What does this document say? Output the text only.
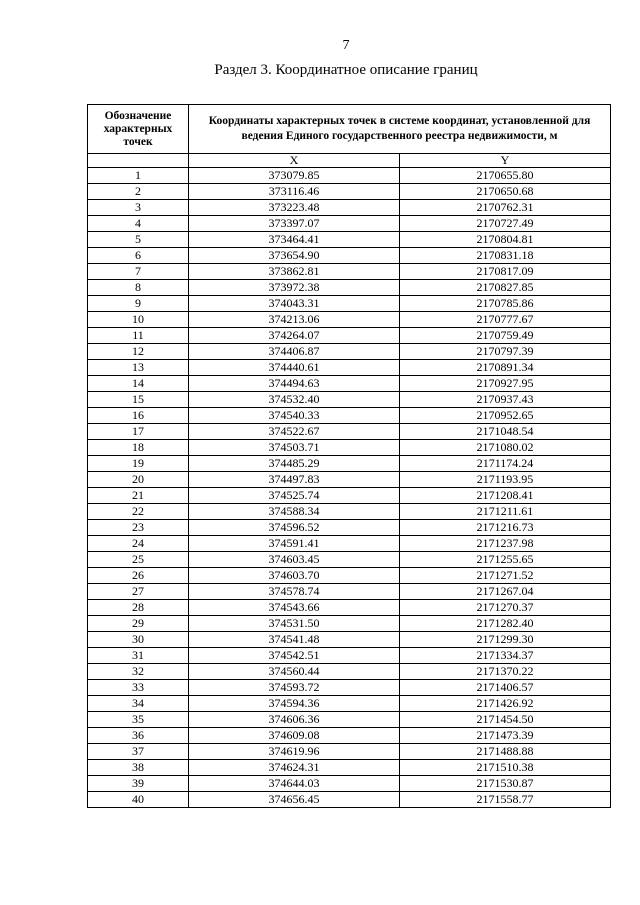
7
Раздел 3. Координатное описание границ
Обозначение характерных точек	Координаты характерных точек в системе координат, установленной для ведения Единого государственного реестра недвижимости, м	

	X	Y
1	373079.85	2170655.80
2	373116.46	2170650.68
3	373223.48	2170762.31
4	373397.07	2170727.49
5	373464.41	2170804.81
6	373654.90	2170831.18
7	373862.81	2170817.09
8	373972.38	2170827.85
9	374043.31	2170785.86
10	374213.06	2170777.67
11	374264.07	2170759.49
12	374406.87	2170797.39
13	374440.61	2170891.34
14	374494.63	2170927.95
15	374532.40	2170937.43
16	374540.33	2170952.65
17	374522.67	2171048.54
18	374503.71	2171080.02
19	374485.29	2171174.24
20	374497.83	2171193.95
21	374525.74	2171208.41
22	374588.34	2171211.61
23	374596.52	2171216.73
24	374591.41	2171237.98
25	374603.45	2171255.65
26	374603.70	2171271.52
27	374578.74	2171267.04
28	374543.66	2171270.37
29	374531.50	2171282.40
30	374541.48	2171299.30
31	374542.51	2171334.37
32	374560.44	2171370.22
33	374593.72	2171406.57
34	374594.36	2171426.92
35	374606.36	2171454.50
36	374609.08	2171473.39
37	374619.96	2171488.88
38	374624.31	2171510.38
39	374644.03	2171530.87
40	374656.45	2171558.77
